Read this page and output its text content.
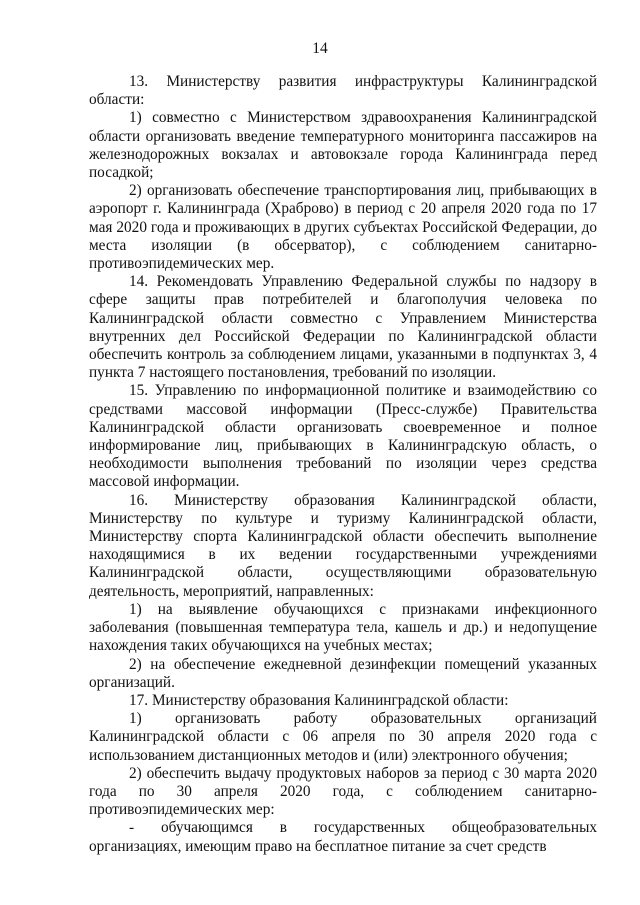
14

13. Министерству развития инфраструктуры Калининградской области:

1) совместно с Министерством здравоохранения Калининградской области организовать введение температурного мониторинга пассажиров на железнодорожных вокзалах и автовокзале города Калининграда перед посадкой;

2) организовать обеспечение транспортирования лиц, прибывающих в аэропорт г. Калининграда (Храброво) в период с 20 апреля 2020 года по 17 мая 2020 года и проживающих в других субъектах Российской Федерации, до места изоляции (в обсерватор), с соблюдением санитарно-противоэпидемических мер.

14. Рекомендовать Управлению Федеральной службы по надзору в сфере защиты прав потребителей и благополучия человека по Калининградской области совместно с Управлением Министерства внутренних дел Российской Федерации по Калининградской области обеспечить контроль за соблюдением лицами, указанными в подпунктах 3, 4 пункта 7 настоящего постановления, требований по изоляции.

15. Управлению по информационной политике и взаимодействию со средствами массовой информации (Пресс-службе) Правительства Калининградской области организовать своевременное и полное информирование лиц, прибывающих в Калининградскую область, о необходимости выполнения требований по изоляции через средства массовой информации.

16. Министерству образования Калининградской области, Министерству по культуре и туризму Калининградской области, Министерству спорта Калининградской области обеспечить выполнение находящимися в их ведении государственными учреждениями Калининградской области, осуществляющими образовательную деятельность, мероприятий, направленных:

1) на выявление обучающихся с признаками инфекционного заболевания (повышенная температура тела, кашель и др.) и недопущение нахождения таких обучающихся на учебных местах;

2) на обеспечение ежедневной дезинфекции помещений указанных организаций.

17. Министерству образования Калининградской области:

1) организовать работу образовательных организаций Калининградской области с 06 апреля по 30 апреля 2020 года с использованием дистанционных методов и (или) электронного обучения;

2) обеспечить выдачу продуктовых наборов за период с 30 марта 2020 года по 30 апреля 2020 года, с соблюдением санитарно-противоэпидемических мер:

- обучающимся в государственных общеобразовательных организациях, имеющим право на бесплатное питание за счет средств
